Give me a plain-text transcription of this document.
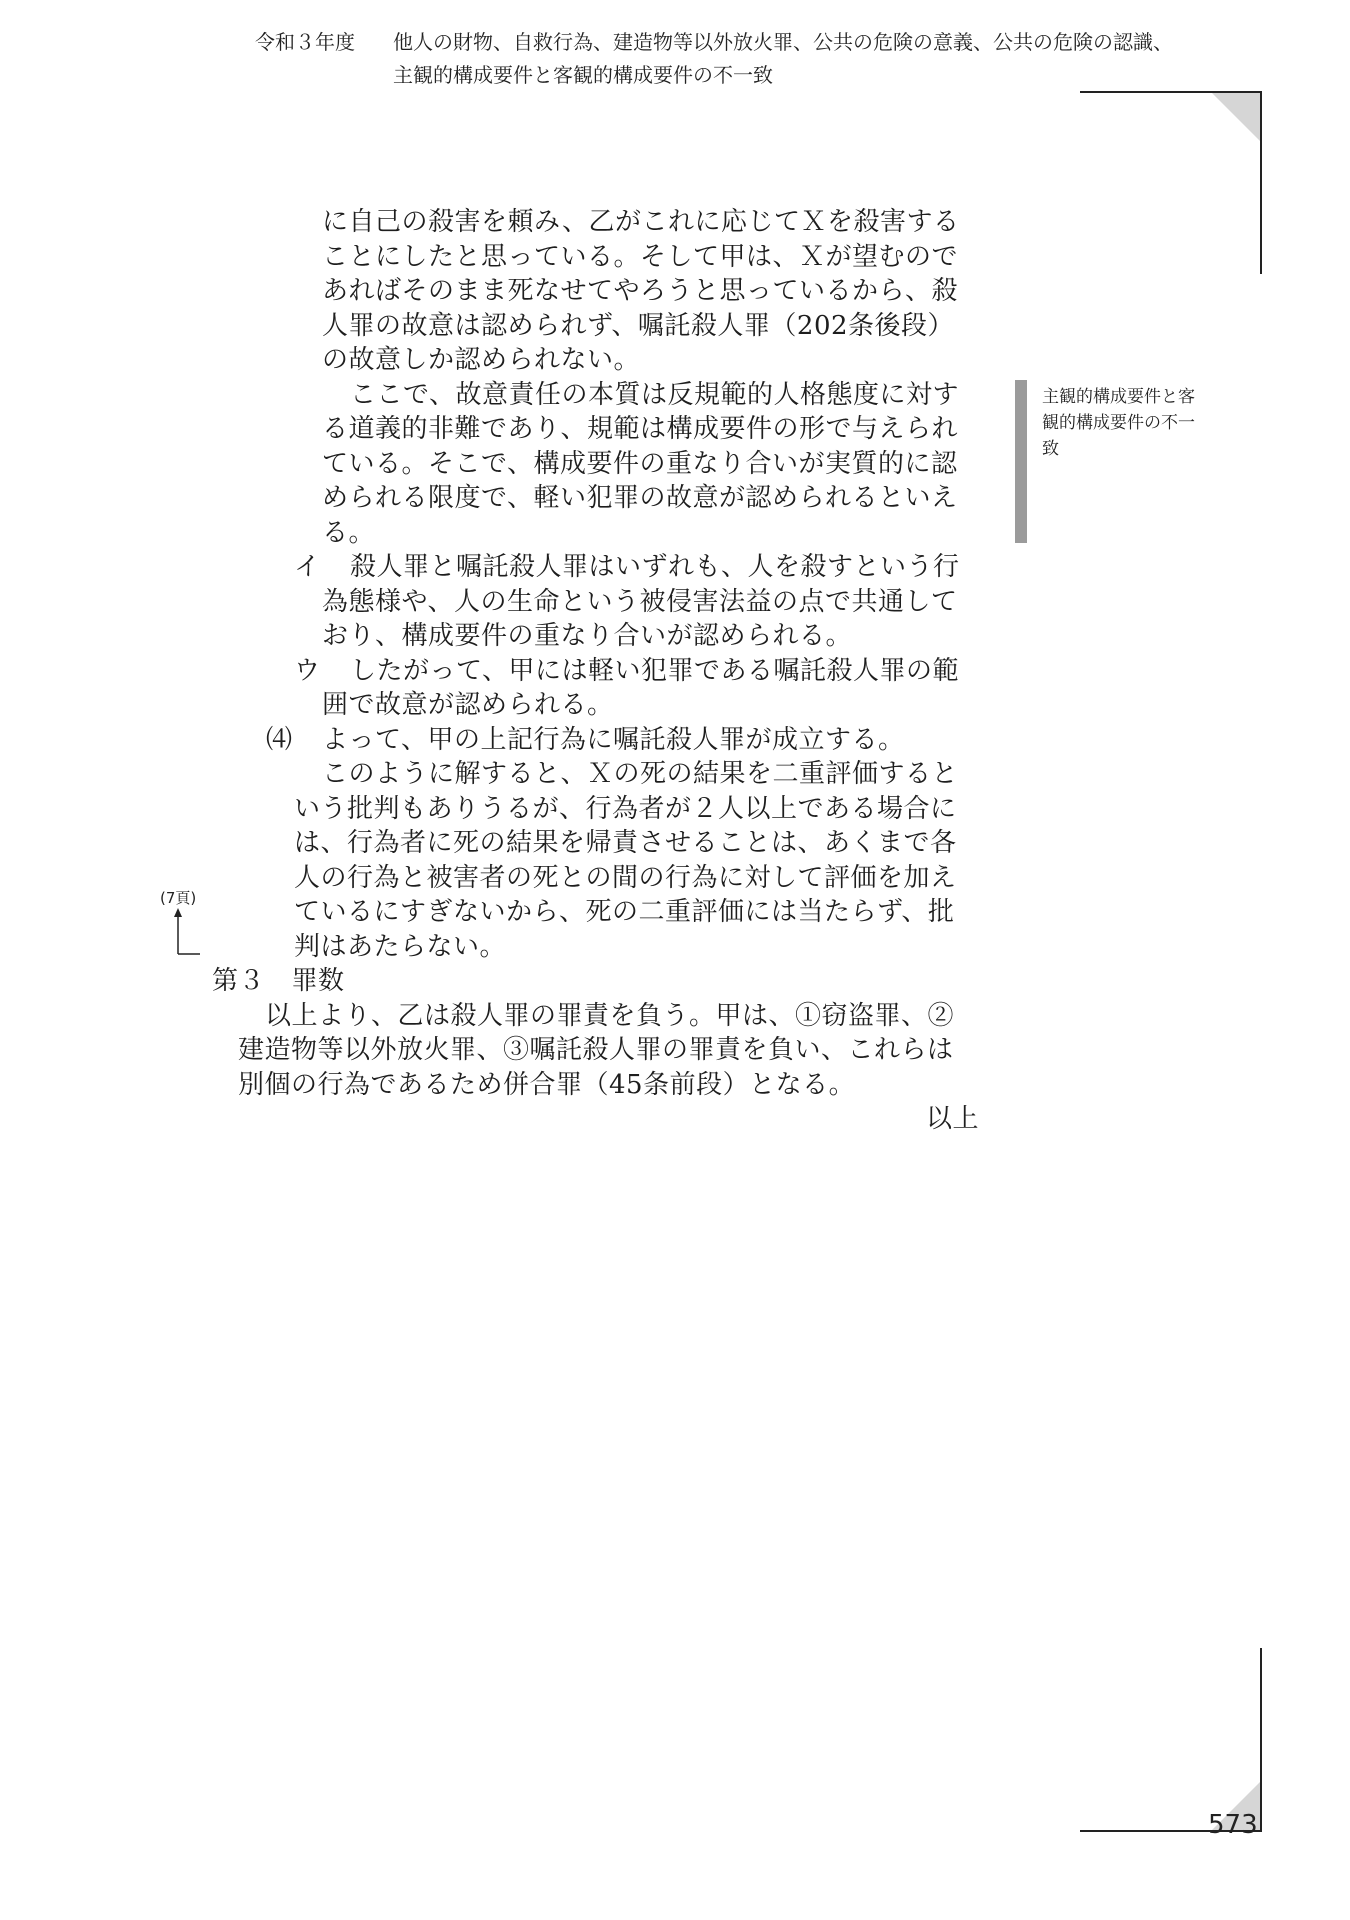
令和３年度 他人の財物、自救行為、建造物等以外放火罪、公共の危険の意義、公共の危険の認識、
主観的構成要件と客観的構成要件の不一致
に自己の殺害を頼み、乙がこれに応じてＸを殺害する
ことにしたと思っている。そして甲は、Ｘが望むので
あればそのまま死なせてやろうと思っているから、殺
人罪の故意は認められず、嘱託殺人罪（202条後段）
の故意しか認められない。
ここで、故意責任の本質は反規範的人格態度に対す
る道義的非難であり、規範は構成要件の形で与えられ
ている。そこで、構成要件の重なり合いが実質的に認
められる限度で、軽い犯罪の故意が認められるといえ
る。
イ 殺人罪と嘱託殺人罪はいずれも、人を殺すという行
為態様や、人の生命という被侵害法益の点で共通して
おり、構成要件の重なり合いが認められる。
ウ したがって、甲には軽い犯罪である嘱託殺人罪の範
囲で故意が認められる。
⑷ よって、甲の上記行為に嘱託殺人罪が成立する。
このように解すると、Ｘの死の結果を二重評価すると
いう批判もありうるが、行為者が２人以上である場合に
は、行為者に死の結果を帰責させることは、あくまで各
人の行為と被害者の死との間の行為に対して評価を加え
ているにすぎないから、死の二重評価には当たらず、批
判はあたらない。
第３　罪数
以上より、乙は殺人罪の罪責を負う。甲は、①窃盗罪、②
建造物等以外放火罪、③嘱託殺人罪の罪責を負い、これらは
別個の行為であるため併合罪（45条前段）となる。
以上
主観的構成要件と客
観的構成要件の不一
致
(7頁)
573
